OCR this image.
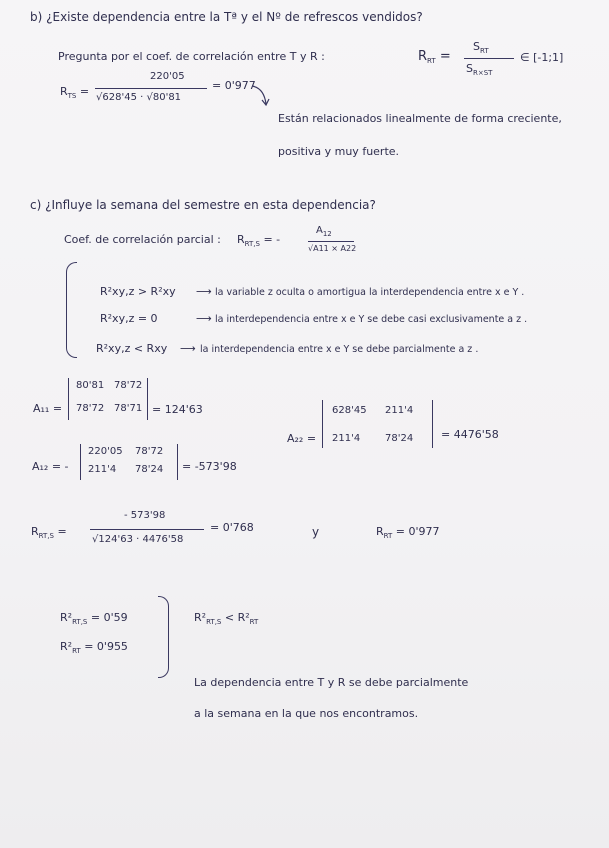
b) ¿Existe dependencia entre la Tª y el Nº de refrescos vendidos?
Pregunta por el coef. de correlación entre T y R :	$R_{RT}$ =
$S_{RT}$
$S_{R\times ST}$
∈ [-1;1]
$R_{TS}$ =
220'05
√628'45 · √80'81
= 0'977
Están relacionados linealmente de forma creciente,
positiva y muy fuerte.
c) ¿Influye la semana del semestre en esta dependencia?
Coef. de correlación parcial : $R_{RT,S}$ = -
$A_{12}$
√A11 × A22
R²xy,z > R²xy ⟶ la variable z oculta o amortigua la interdependencia entre x e Y .
R²xy,z = 0	⟶ la interdependencia entre x e Y se debe casi exclusivamente a z .
R²xy,z < Rxy ⟶ la interdependencia entre x e Y se debe parcialmente a z .
A₁₁ =
80'81 78'72
78'72 78'71 = 124'63
A₂₂ =
628'45 211'4
211'4 78'24	= 4476'58
A₁₂ = -
220'05 78'72
211'4 78'24 = -573'98
$R_{RT,S}$ =
- 573'98
√124'63 · 4476'58
= 0'768	y	$R_{RT} = 0'977$
$R^2_{RT,S} = 0'59$
$R^2_{RT} = 0'955$
$R^2_{RT,S} < R^2_{RT}$
La dependencia entre T y R se debe parcialmente
a la semana en la que nos encontramos.
